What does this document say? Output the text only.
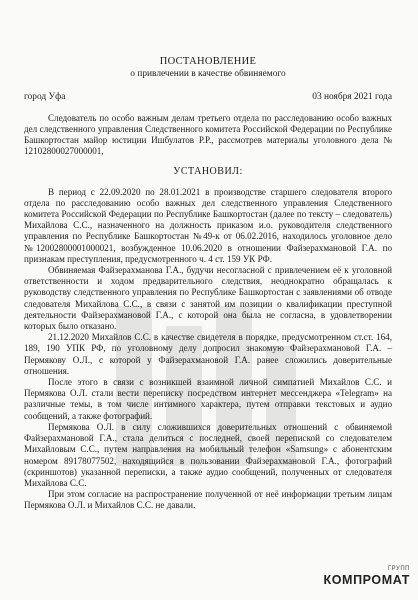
ПОСТАНОВЛЕНИЕ

о привлечении в качестве обвиняемого

город Уфа	03 ноября 2021 года

Следователь по особо важным делам третьего отдела по расследованию особо важных дел следственного управления Следственного комитета Российской Федерации по Республике Башкортостан майор юстиции Ишбулатов Р.Р., рассмотрев материалы уголовного дела № 12102800027000001,

УСТАНОВИЛ:

В период с 22.09.2020 по 28.01.2021 в производстве старшего следователя второго отдела по расследованию особо важных дел следственного управления Следственного комитета Российской Федерации по Республике Башкортостан (далее по тексту – следователь) Михайлова С.С., назначенного на должность приказом и.о. руководителя следственного управления по Республике Башкортостан №49-к от 06.02.2016, находилось уголовное дело №12002800001000021, возбужденное 10.06.2020 в отношении Файзерахмановой Г.А. по признакам преступления, предусмотренного ч. 4 ст. 159 УК РФ.

Обвиняемая Файзерахманова Г.А., будучи несогласной с привлечением её к уголовной ответственности и ходом предварительного следствия, неоднократно обращалась к руководству следственного управления по Республике Башкортостан с заявлениями об отводе следователя Михайлова С.С., в связи с занятой им позиции о квалификации преступной деятельности Файзерахмановой Г.А., с которой она была не согласна, в удовлетворении которых было отказано.

21.12.2020 Михайлов С.С. в качестве свидетеля в порядке, предусмотренном ст.ст. 164, 189, 190 УПК РФ, по уголовному делу допросил знакомую Файзерахмановой Г.А. – Пермякову О.Л., с которой у Файзерахмановой Г.А. ранее сложились доверительные отношения.

После этого в связи с возникшей взаимной личной симпатией Михайлов С.С. и Пермякова О.Л. стали вести переписку посредством интернет мессенджера «Telegram» на различные темы, в том числе интимного характера, путем отправки текстовых и аудио сообщений, а также фотографий.

Пермякова О.Л. в силу сложившихся доверительных отношений с обвиняемой Файзерахмановой Г.А., стала делиться с последней, своей перепиской со следователем Михайловым С.С., путем направления на мобильный телефон «Samsung» с абонентским номером 89178077502, находящийся в пользовании Файзерахмановой Г.А., фотографий (скриншотов) указанной переписки, а также аудио сообщений, полученных от следователя Михайлова С.С.

При этом согласие на распространение полученной от неё информации третьим лицам Пермякова О.Л. и Михайлов С.С. не давали.

ГРУПП
КОМПРОМАТ
